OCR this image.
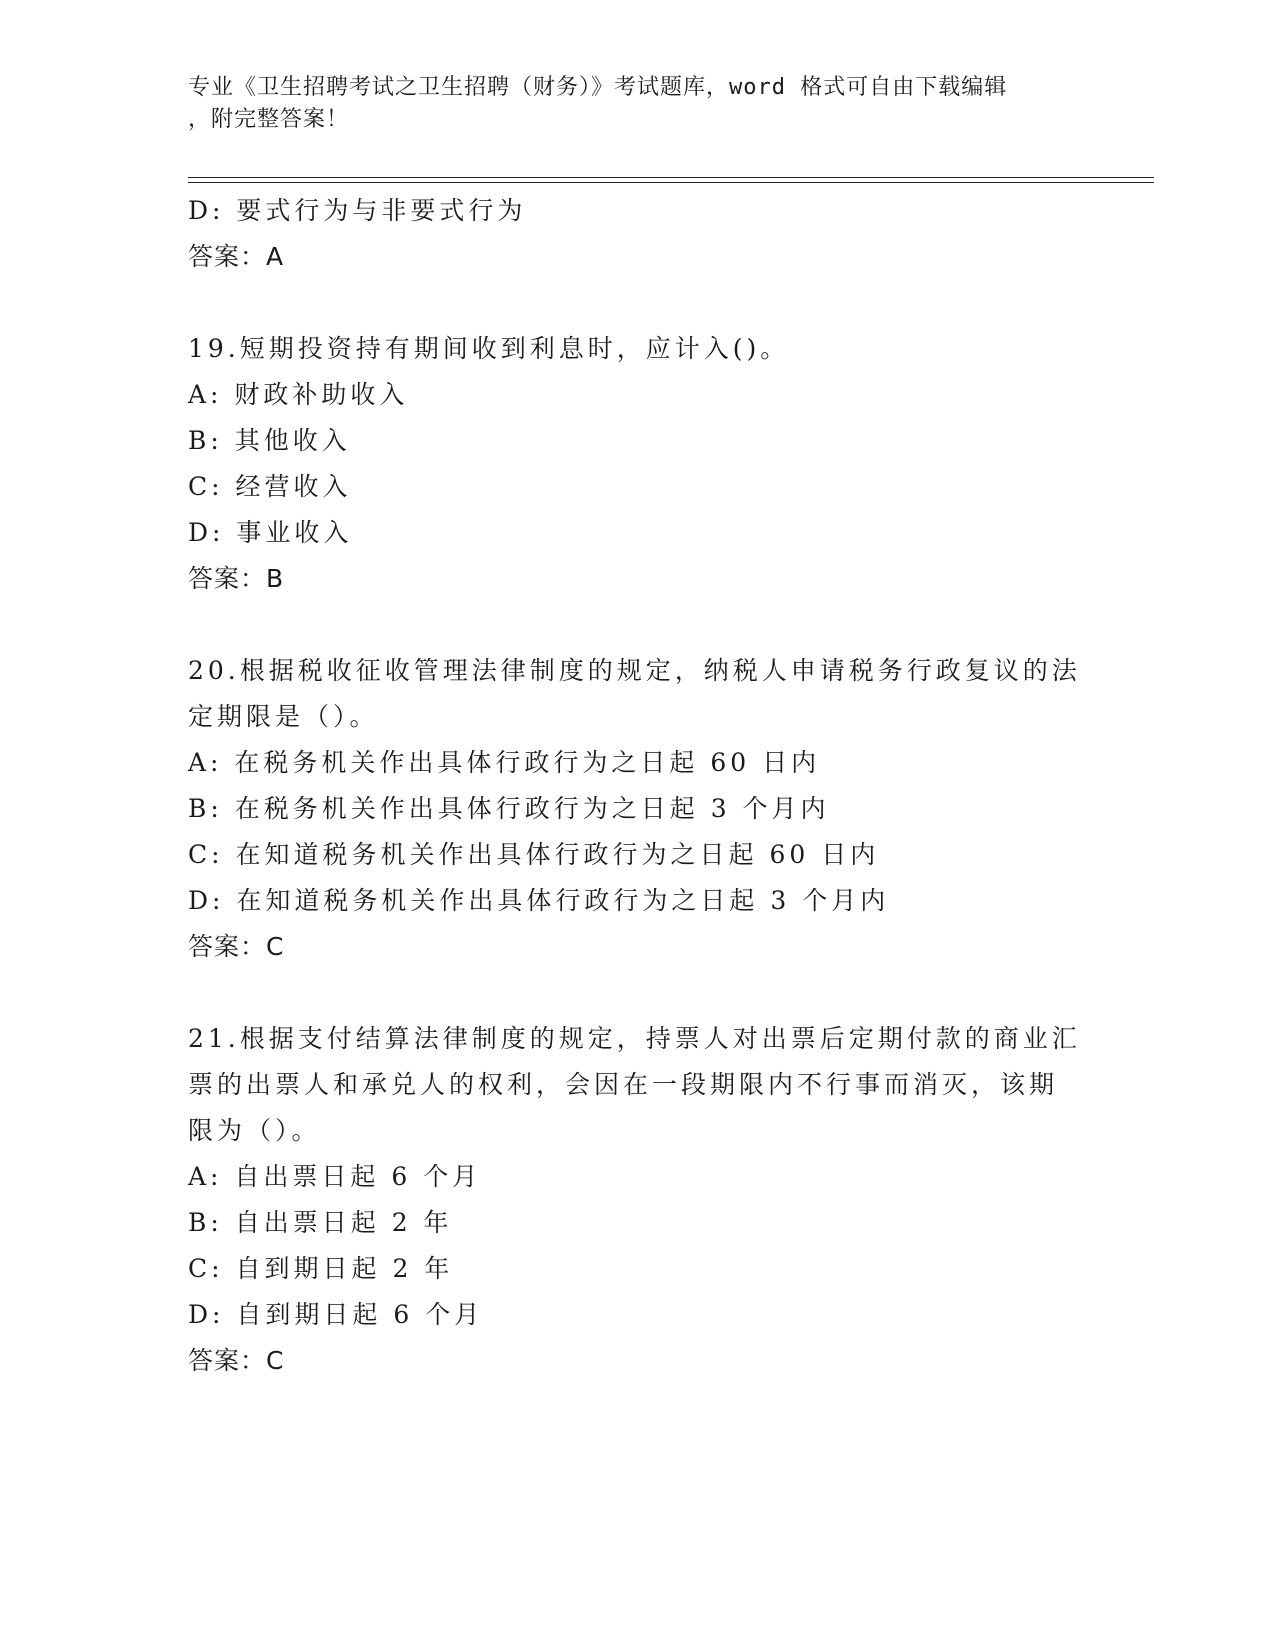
专业《卫生招聘考试之卫生招聘（财务）》考试题库，word 格式可自由下载编辑
，附完整答案！
D: 要式行为与非要式行为
答案：A
19.短期投资持有期间收到利息时，应计入()。
A: 财政补助收入
B: 其他收入
C: 经营收入
D: 事业收入
答案：B
20.根据税收征收管理法律制度的规定，纳税人申请税务行政复议的法
定期限是（）。
A: 在税务机关作出具体行政行为之日起 60 日内
B: 在税务机关作出具体行政行为之日起 3 个月内
C: 在知道税务机关作出具体行政行为之日起 60 日内
D: 在知道税务机关作出具体行政行为之日起 3 个月内
答案：C
21.根据支付结算法律制度的规定，持票人对出票后定期付款的商业汇
票的出票人和承兑人的权利，会因在一段期限内不行事而消灭，该期
限为（）。
A: 自出票日起 6 个月
B: 自出票日起 2 年
C: 自到期日起 2 年
D: 自到期日起 6 个月
答案：C
